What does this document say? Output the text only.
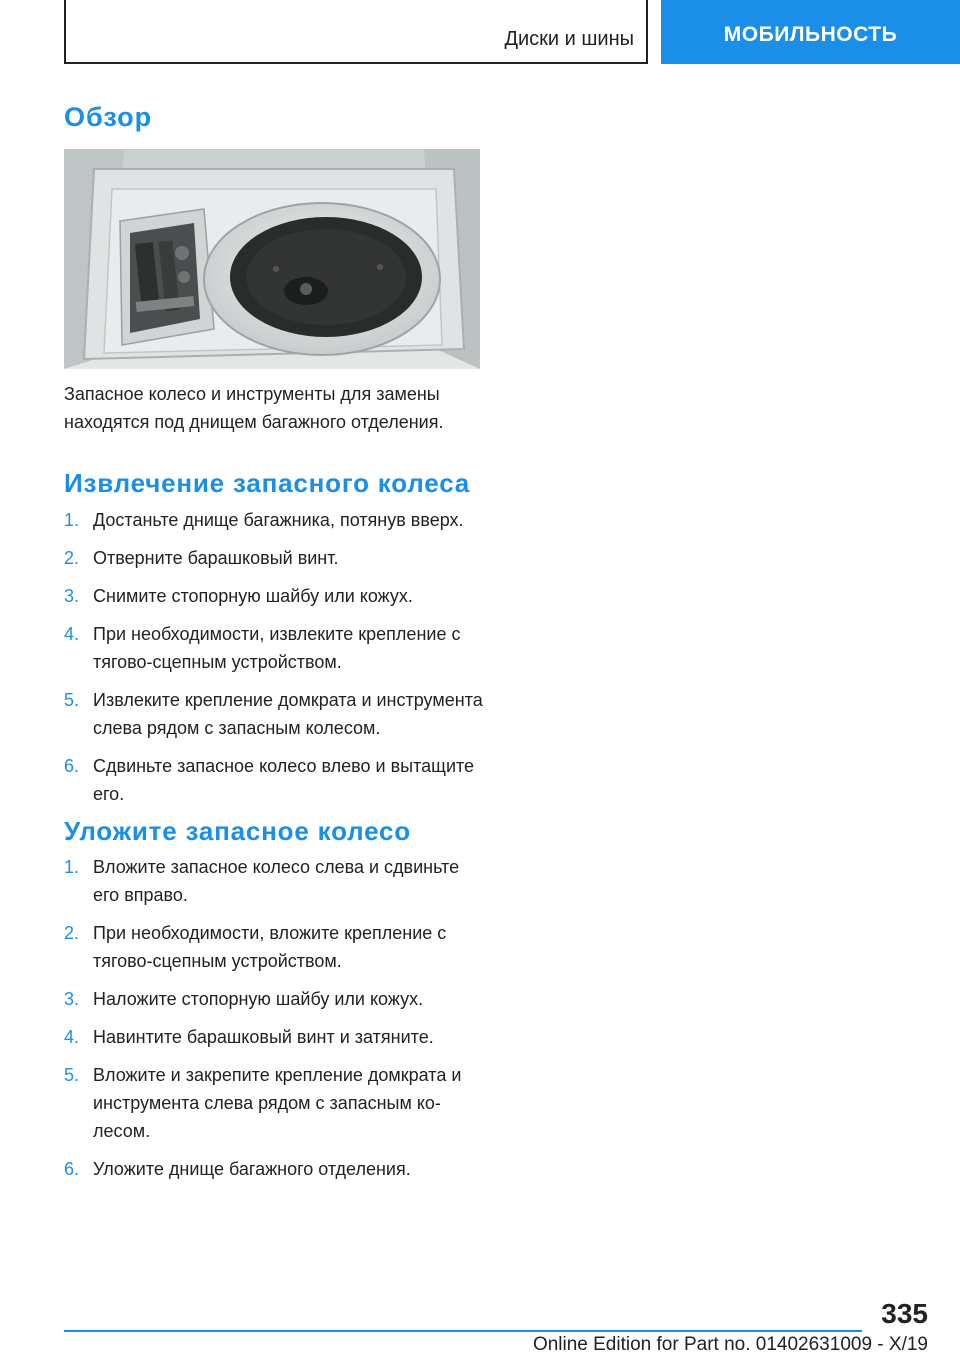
Диски и шины	МОБИЛЬНОСТЬ
Обзор
Запасное колесо и инструменты для замены находятся под днищем багажного отделения.
Извлечение запасного колеса
1. Достаньте днище багажника, потянув вверх.
2. Отверните барашковый винт.
3. Снимите стопорную шайбу или кожух.
4. При необходимости, извлеките крепление с тягово-сцепным устройством.
5. Извлеките крепление домкрата и инструмента слева рядом с запасным колесом.
6. Сдвиньте запасное колесо влево и вытащите его.
Уложите запасное колесо
1. Вложите запасное колесо слева и сдвиньте его вправо.
2. При необходимости, вложите крепление с тягово-сцепным устройством.
3. Наложите стопорную шайбу или кожух.
4. Навинтите барашковый винт и затяните.
5. Вложите и закрепите крепление домкрата и инструмента слева рядом с запасным колесом.
6. Уложите днище багажного отделения.
335
Online Edition for Part no. 01402631009 - X/19
